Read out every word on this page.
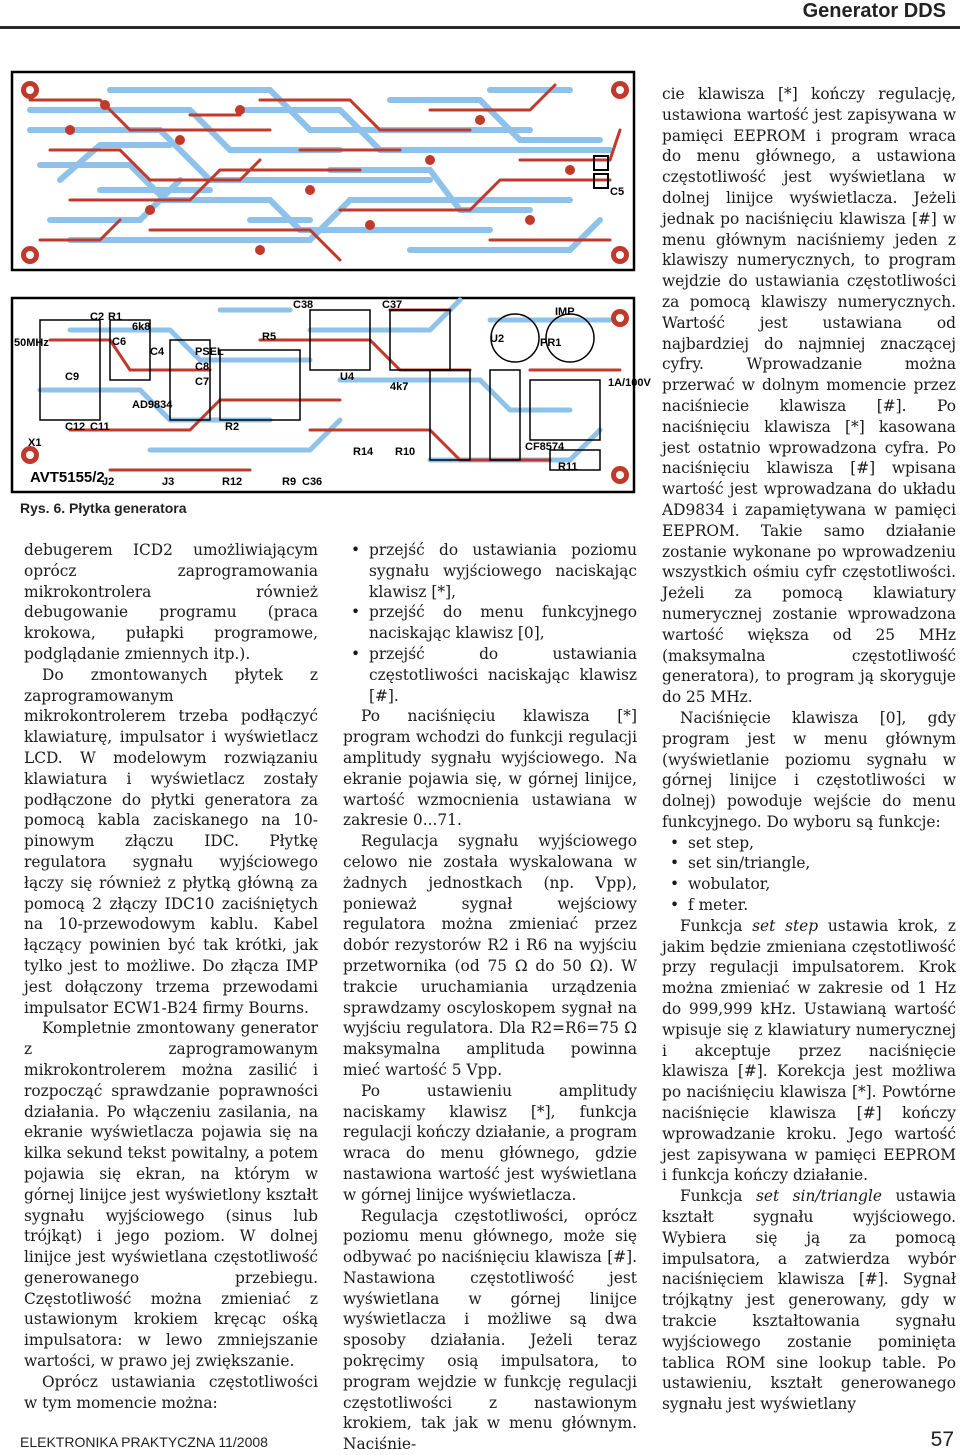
Generator DDS
C5
50MHz
X1
C2 R1
6k8
C6
C4
C9
C12 C11
AD9834
PSEL
C8
C7
R2
R5
C38	C37
U4
4k7
R14 R10
U2
IMP
PR1
1A/100V
CF8574
R11
R12	R9 C36
J2	J3
AVT5155/2
Rys. 6. Płytka generatora

debugerem ICD2 umożliwiającym oprócz zaprogramowania mikrokontrolera również debugowanie programu (praca krokowa, pułapki programowe, podglądanie zmiennych itp.).

Do zmontowanych płytek z zaprogramowanym mikrokontrolerem trzeba podłączyć klawiaturę, impulsator i wyświetlacz LCD. W modelowym rozwiązaniu klawiatura i wyświetlacz zostały podłączone do płytki generatora za pomocą kabla zaciskanego na 10-pinowym złączu IDC. Płytkę regulatora sygnału wyjściowego łączy się również z płytką główną za pomocą 2 złączy IDC10 zaciśniętych na 10-przewodowym kablu. Kabel łączący powinien być tak krótki, jak tylko jest to możliwe. Do złącza IMP jest dołączony trzema przewodami impulsator ECW1-B24 firmy Bourns.

Kompletnie zmontowany generator z zaprogramowanym mikrokontrolerem można zasilić i rozpocząć sprawdzanie poprawności działania. Po włączeniu zasilania, na ekranie wyświetlacza pojawia się na kilka sekund tekst powitalny, a potem pojawia się ekran, na którym w górnej linijce jest wyświetlony kształt sygnału wyjściowego (sinus lub trójkąt) i jego poziom. W dolnej linijce jest wyświetlana częstotliwość generowanego przebiegu. Częstotliwość można zmieniać z ustawionym krokiem kręcąc ośką impulsatora: w lewo zmniejszanie wartości, w prawo jej zwiększanie.

Oprócz ustawiania częstotliwości w tym momencie można:

• przejść do ustawiania poziomu sygnału wyjściowego naciskając klawisz [*],
• przejść do menu funkcyjnego naciskając klawisz [0],
• przejść do ustawiania częstotliwości naciskając klawisz [#].

Po naciśnięciu klawisza [*] program wchodzi do funkcji regulacji amplitudy sygnału wyjściowego. Na ekranie pojawia się, w górnej linijce, wartość wzmocnienia ustawiana w zakresie 0...71.

Regulacja sygnału wyjściowego celowo nie została wyskalowana w żadnych jednostkach (np. Vpp), ponieważ sygnał wejściowy regulatora można zmieniać przez dobór rezystorów R2 i R6 na wyjściu przetwornika (od 75 Ω do 50 Ω). W trakcie uruchamiania urządzenia sprawdzamy oscyloskopem sygnał na wyjściu regulatora. Dla R2=R6=75 Ω maksymalna amplituda powinna mieć wartość 5 Vpp.

Po ustawieniu amplitudy naciskamy klawisz [*], funkcja regulacji kończy działanie, a program wraca do menu głównego, gdzie nastawiona wartość jest wyświetlana w górnej linijce wyświetlacza.

Regulacja częstotliwości, oprócz poziomu menu głównego, może się odbywać po naciśnięciu klawisza [#]. Nastawiona częstotliwość jest wyświetlana w górnej linijce wyświetlacza i możliwe są dwa sposoby działania. Jeżeli teraz pokręcimy osią impulsatora, to program wejdzie w funkcję regulacji częstotliwości z nastawionym krokiem, tak jak w menu głównym. Naciśnie-

cie klawisza [*] kończy regulację, ustawiona wartość jest zapisywana w pamięci EEPROM i program wraca do menu głównego, a ustawiona częstotliwość jest wyświetlana w dolnej linijce wyświetlacza. Jeżeli jednak po naciśnięciu klawisza [#] w menu głównym naciśniemy jeden z klawiszy numerycznych, to program wejdzie do ustawiania częstotliwości za pomocą klawiszy numerycznych. Wartość jest ustawiana od najbardziej do najmniej znaczącej cyfry. Wprowadzanie można przerwać w dolnym momencie przez naciśniecie klawisza [#]. Po naciśnięciu klawisza [*] kasowana jest ostatnio wprowadzona cyfra. Po naciśnięciu klawisza [#] wpisana wartość jest wprowadzana do układu AD9834 i zapamiętywana w pamięci EEPROM. Takie samo działanie zostanie wykonane po wprowadzeniu wszystkich ośmiu cyfr częstotliwości. Jeżeli za pomocą klawiatury numerycznej zostanie wprowadzona wartość większa od 25 MHz (maksymalna częstotliwość generatora), to program ją skoryguje do 25 MHz.

Naciśnięcie klawisza [0], gdy program jest w menu głównym (wyświetlanie poziomu sygnału w górnej linijce i częstotliwości w dolnej) powoduje wejście do menu funkcyjnego. Do wyboru są funkcje:

• set step,
• set sin/triangle,
• wobulator,
• f meter.

Funkcja set step ustawia krok, z jakim będzie zmieniana częstotliwość przy regulacji impulsatorem. Krok można zmieniać w zakresie od 1 Hz do 999,999 kHz. Ustawianą wartość wpisuje się z klawiatury numerycznej i akceptuje przez naciśnięcie klawisza [#]. Korekcja jest możliwa po naciśnięciu klawisza [*]. Powtórne naciśnięcie klawisza [#] kończy wprowadzanie kroku. Jego wartość jest zapisywana w pamięci EEPROM i funkcja kończy działanie.

Funkcja set sin/triangle ustawia kształt sygnału wyjściowego. Wybiera się ją za pomocą impulsatora, a zatwierdza wybór naciśnięciem klawisza [#]. Sygnał trójkątny jest generowany, gdy w trakcie kształtowania sygnału wyjściowego zostanie pominięta tablica ROM sine lookup table. Po ustawieniu, kształt generowanego sygnału jest wyświetlany

ELEKTRONIKA PRAKTYCZNA 11/2008	57
